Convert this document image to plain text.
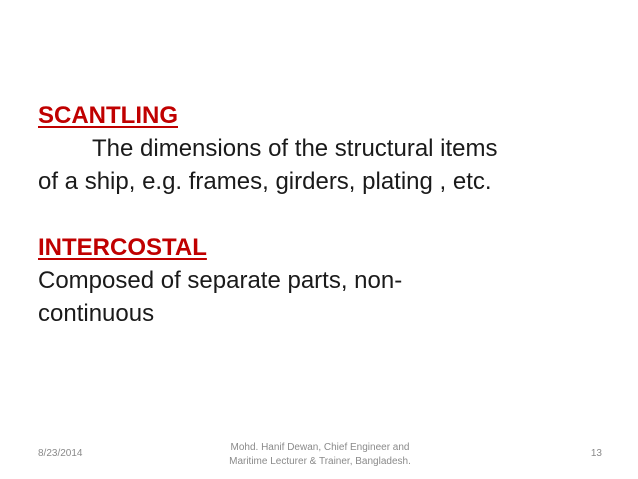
SCANTLING
The dimensions of the structural items
of a ship, e.g. frames, girders, plating , etc.
INTERCOSTAL
Composed of separate parts, non-
continuous
8/23/2014
Mohd. Hanif Dewan, Chief Engineer and
Maritime Lecturer & Trainer, Bangladesh.
13
